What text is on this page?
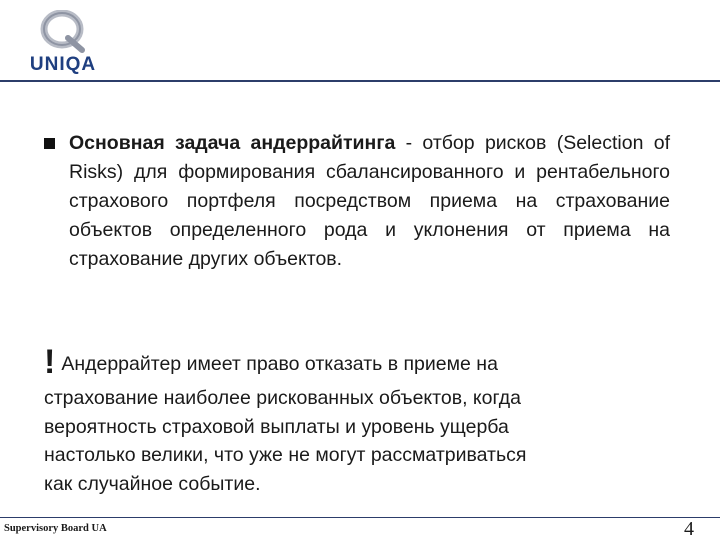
UNIQA
Основная задача андеррайтинга - отбор рисков (Selection of Risks) для формирования сбалансированного и рентабельного страхового портфеля посредством приема на страхование объектов определенного рода и уклонения от приема на страхование других объектов.
! Андеррайтер имеет право отказать в приеме на
страхование наиболее рискованных объектов, когда
вероятность страховой выплаты и уровень ущерба
настолько велики, что уже не могут рассматриваться
как случайное событие.
Supervisory Board UA	4
